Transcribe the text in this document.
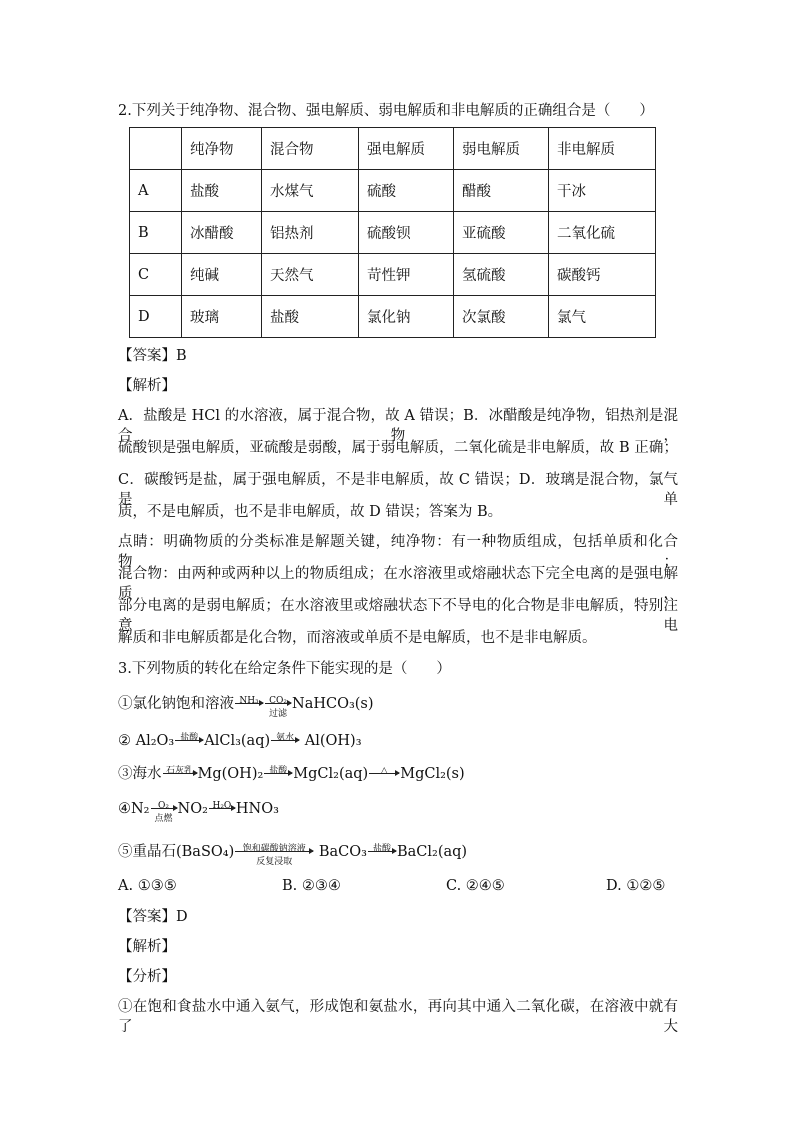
2.下列关于纯净物、混合物、强电解质、弱电解质和非电解质的正确组合是（　　）
	纯净物	混合物	强电解质	弱电解质	非电解质
A	盐酸	水煤气	硫酸	醋酸	干冰
B	冰醋酸	铝热剂	硫酸钡	亚硫酸	二氧化硫
C	纯碱	天然气	苛性钾	氢硫酸	碳酸钙
D	玻璃	盐酸	氯化钠	次氯酸	氯气
【答案】B
【解析】
A．盐酸是 HCl 的水溶液，属于混合物，故 A 错误；B．冰醋酸是纯净物，铝热剂是混合物，
硫酸钡是强电解质，亚硫酸是弱酸，属于弱电解质，二氧化硫是非电解质，故 B 正确；
C．碳酸钙是盐，属于强电解质，不是非电解质，故 C 错误；D．玻璃是混合物，氯气是单
质，不是电解质，也不是非电解质，故 D 错误；答案为 B。
点睛：明确物质的分类标准是解题关键，纯净物：有一种物质组成，包括单质和化合物；
混合物：由两种或两种以上的物质组成；在水溶液里或熔融状态下完全电离的是强电解质，
部分电离的是弱电解质；在水溶液里或熔融状态下不导电的化合物是非电解质，特别注意电
解质和非电解质都是化合物，而溶液或单质不是电解质，也不是非电解质。
3.下列物质的转化在给定条件下能实现的是（　　）
①氯化钠饱和溶液 NH₃	CO₂
过滤
NaHCO₃(s)
② Al₂O₃ 盐酸 AlCl₃(aq) 氨水 Al(OH)₃
③海水 石灰乳 Mg(OH)₂ 盐酸 MgCl₂(aq)	△ MgCl₂(s)
④N₂ O₂
点燃
NO₂ H₂O HNO₃
⑤重晶石(BaSO₄) 饱和碳酸钠溶液
反复浸取
BaCO₃ 盐酸 BaCl₂(aq)
A. ①③⑤	B. ②③④	C. ②④⑤	D. ①②⑤
【答案】D
【解析】
【分析】
①在饱和食盐水中通入氨气，形成饱和氨盐水，再向其中通入二氧化碳，在溶液中就有了大
